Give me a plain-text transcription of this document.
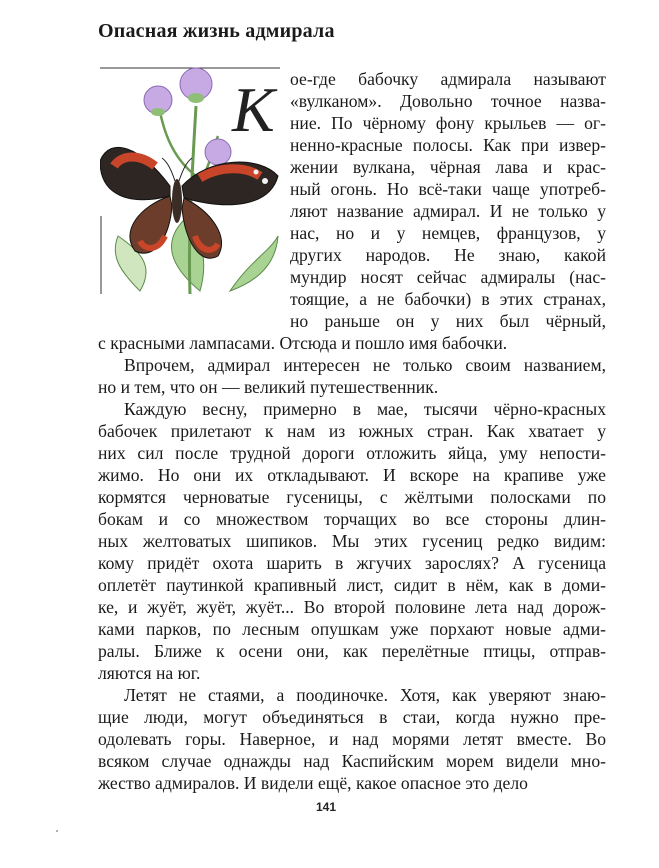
Опасная жизнь адмирала
К ое-где бабочку адмирала называют

«вулканом». Довольно точное назва-

ние. По чёрному фону крыльев — ог-

ненно-красные полосы. Как при извер-

жении вулкана, чёрная лава и крас-

ный огонь. Но всё-таки чаще употреб-

ляют название адмирал. И не только у

нас, но и у немцев, французов, у

других народов. Не знаю, какой

мундир носят сейчас адмиралы (нас-

тоящие, а не бабочки) в этих странах,

но раньше он у них был чёрный,

с красными лампасами. Отсюда и пошло имя бабочки.

Впрочем, адмирал интересен не только своим названием,

но и тем, что он — великий путешественник.

Каждую весну, примерно в мае, тысячи чёрно-красных

бабочек прилетают к нам из южных стран. Как хватает у

них сил после трудной дороги отложить яйца, уму непости-

жимо. Но они их откладывают. И вскоре на крапиве уже

кормятся черноватые гусеницы, с жёлтыми полосками по

бокам и со множеством торчащих во все стороны длин-

ных желтоватых шипиков. Мы этих гусениц редко видим:

кому придёт охота шарить в жгучих зарослях? А гусеница

оплетёт паутинкой крапивный лист, сидит в нём, как в доми-

ке, и жуёт, жуёт, жуёт... Во второй половине лета над дорож-

ками парков, по лесным опушкам уже порхают новые адми-

ралы. Ближе к осени они, как перелётные птицы, отправ-

ляются на юг.

Летят не стаями, а поодиночке. Хотя, как уверяют знаю-

щие люди, могут объединяться в стаи, когда нужно пре-

одолевать горы. Наверное, и над морями летят вместе. Во

всяком случае однажды над Каспийским морем видели мно-

жество адмиралов. И видели ещё, какое опасное это дело

141
